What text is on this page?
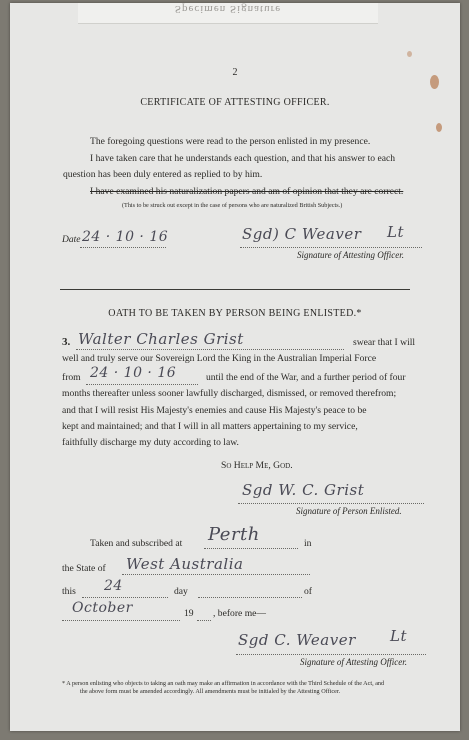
Specimen Signature
2
CERTIFICATE OF ATTESTING OFFICER.
The foregoing questions were read to the person enlisted in my presence.
I have taken care that he understands each question, and that his answer to each
question has been duly entered as replied to by him.
I have examined his naturalization papers and am of opinion that they are correct.
(This to be struck out except in the case of persons who are naturalized British Subjects.)
Date 24 · 10 · 16	Sgd) C Weaver Lt
Signature of Attesting Officer.
OATH TO BE TAKEN BY PERSON BEING ENLISTED.*
3. Walter Charles Grist	swear that I will
well and truly serve our Sovereign Lord the King in the Australian Imperial Force
from 24 · 10 · 16	until the end of the War, and a further period of four
months thereafter unless sooner lawfully discharged, dismissed, or removed therefrom;
and that I will resist His Majesty's enemies and cause His Majesty's peace to be
kept and maintained; and that I will in all matters appertaining to my service,
faithfully discharge my duty according to law.
So Help Me, God.
Sgd W. C. Grist
Signature of Person Enlisted.
Taken and subscribed at Perth	in
the State of West Australia
this 24	day	of
October	19 , before me—
Sgd C. Weaver Lt
Signature of Attesting Officer.
* A person enlisting who objects to taking an oath may make an affirmation in accordance with the Third Schedule of the Act, and
the above form must be amended accordingly. All amendments must be initialed by the Attesting Officer.
